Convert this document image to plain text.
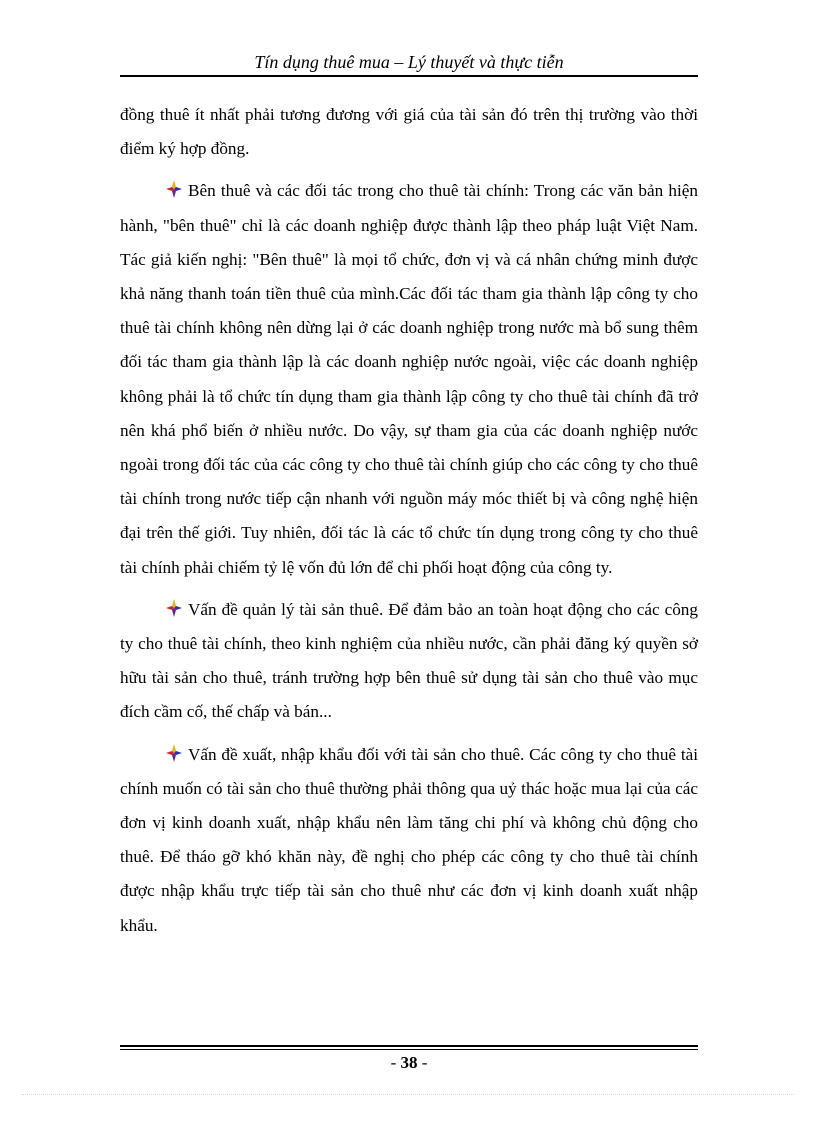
Tín dụng thuê mua – Lý thuyết và thực tiễn

đồng thuê ít nhất phải tương đương với giá của tài sản đó trên thị trường vào thời điểm ký hợp đồng.

Bên thuê và các đối tác trong cho thuê tài chính: Trong các văn bản hiện hành, "bên thuê" chỉ là các doanh nghiệp được thành lập theo pháp luật Việt Nam. Tác giả kiến nghị: "Bên thuê" là mọi tổ chức, đơn vị và cá nhân chứng minh được khả năng thanh toán tiền thuê của mình.Các đối tác tham gia thành lập công ty cho thuê tài chính không nên dừng lại ở các doanh nghiệp trong nước mà bổ sung thêm đối tác tham gia thành lập là các doanh nghiệp nước ngoài, việc các doanh nghiệp không phải là tổ chức tín dụng tham gia thành lập công ty cho thuê tài chính đã trở nên khá phổ biến ở nhiều nước. Do vậy, sự tham gia của các doanh nghiệp nước ngoài trong đối tác của các công ty cho thuê tài chính giúp cho các công ty cho thuê tài chính trong nước tiếp cận nhanh với nguồn máy móc thiết bị và công nghệ hiện đại trên thế giới. Tuy nhiên, đối tác là các tổ chức tín dụng trong công ty cho thuê tài chính phải chiếm tỷ lệ vốn đủ lớn để chi phối hoạt động của công ty.

Vấn đề quản lý tài sản thuê. Để đảm bảo an toàn hoạt động cho các công ty cho thuê tài chính, theo kinh nghiệm của nhiều nước, cần phải đăng ký quyền sở hữu tài sản cho thuê, tránh trường hợp bên thuê sử dụng tài sản cho thuê vào mục đích cầm cố, thế chấp và bán...

Vấn đề xuất, nhập khẩu đối với tài sản cho thuê. Các công ty cho thuê tài chính muốn có tài sản cho thuê thường phải thông qua uỷ thác hoặc mua lại của các đơn vị kinh doanh xuất, nhập khẩu nên làm tăng chi phí và không chủ động cho thuê. Để tháo gỡ khó khăn này, đề nghị cho phép các công ty cho thuê tài chính được nhập khẩu trực tiếp tài sản cho thuê như các đơn vị kinh doanh xuất nhập khẩu.

- 38 -
